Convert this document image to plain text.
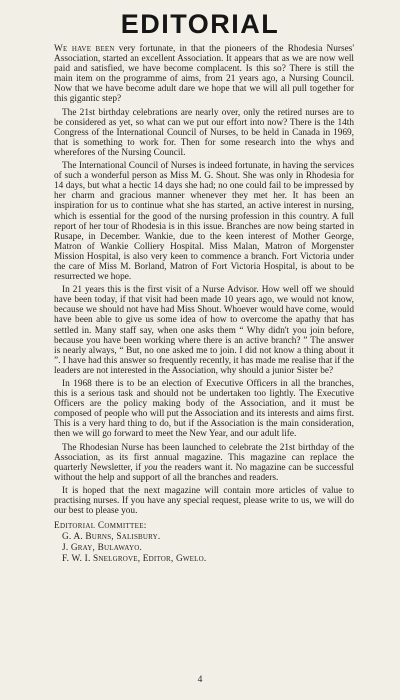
EDITORIAL

We have been very fortunate, in that the pioneers of the Rhodesia Nurses' Association, started an excellent Association. It appears that as we are now well paid and satisfied, we have become complacent. Is this so? There is still the main item on the programme of aims, from 21 years ago, a Nursing Council. Now that we have become adult dare we hope that we will all pull together for this gigantic step?

The 21st birthday celebrations are nearly over, only the retired nurses are to be considered as yet, so what can we put our effort into now? There is the 14th Congress of the International Council of Nurses, to be held in Canada in 1969, that is something to work for. Then for some research into the whys and wherefores of the Nursing Council.

The International Council of Nurses is indeed fortunate, in having the services of such a wonderful person as Miss M. G. Shout. She was only in Rhodesia for 14 days, but what a hectic 14 days she had; no one could fail to be impressed by her charm and gracious manner whenever they met her. It has been an inspiration for us to continue what she has started, an active interest in nursing, which is essential for the good of the nursing profession in this country. A full report of her tour of Rhodesia is in this issue. Branches are now being started in Rusape, in December. Wankie, due to the keen interest of Mother George, Matron of Wankie Colliery Hospital. Miss Malan, Matron of Morgenster Mission Hospital, is also very keen to commence a branch. Fort Victoria under the care of Miss M. Borland, Matron of Fort Victoria Hospital, is about to be resurrected we hope.

In 21 years this is the first visit of a Nurse Advisor. How well off we should have been today, if that visit had been made 10 years ago, we would not know, because we should not have had Miss Shout. Whoever would have come, would have been able to give us some idea of how to overcome the apathy that has settled in. Many staff say, when one asks them “ Why didn't you join before, because you have been working where there is an active branch? ” The answer is nearly always, “ But, no one asked me to join. I did not know a thing about it ”. I have had this answer so frequently recently, it has made me realise that if the leaders are not interested in the Association, why should a junior Sister be?

In 1968 there is to be an election of Executive Officers in all the branches, this is a serious task and should not be undertaken too lightly. The Executive Officers are the policy making body of the Association, and it must be composed of people who will put the Association and its interests and aims first. This is a very hard thing to do, but if the Association is the main consideration, then we will go forward to meet the New Year, and our adult life.

The Rhodesian Nurse has been launched to celebrate the 21st birthday of the Association, as its first annual magazine. This magazine can replace the quarterly Newsletter, if you the readers want it. No magazine can be successful without the help and support of all the branches and readers.

It is hoped that the next magazine will contain more articles of value to practising nurses. If you have any special request, please write to us, we will do our best to please you.

Editorial Committee:
G. A. Burns, Salisbury.
J. Gray, Bulawayo.
F. W. I. Snelgrove, Editor, Gwelo.
4
